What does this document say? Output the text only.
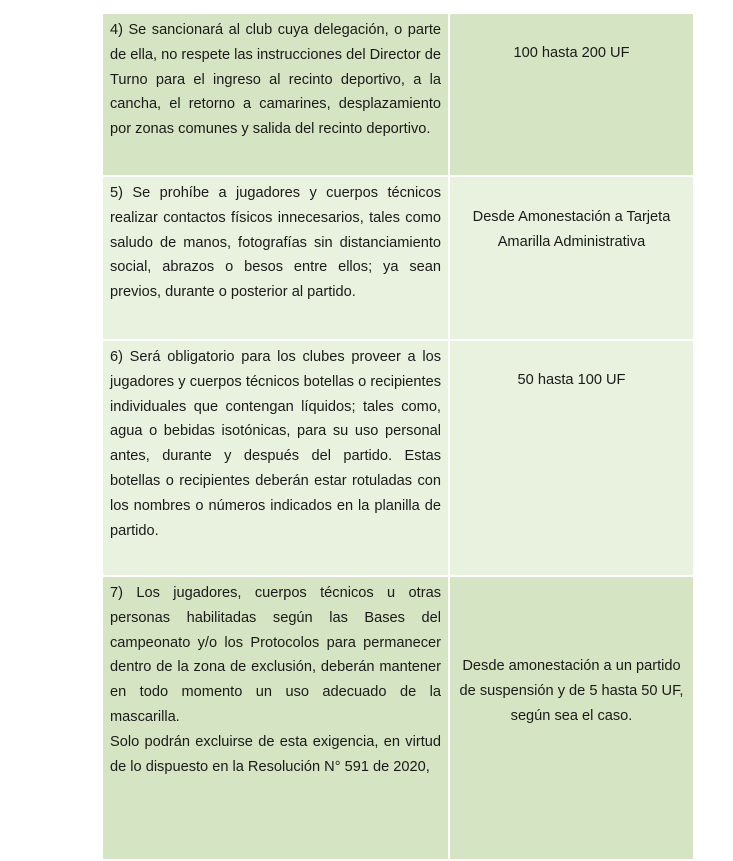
4) Se sancionará al club cuya delegación, o parte de ella, no respete las instrucciones del Director de Turno para el ingreso al recinto deportivo, a la cancha, el retorno a camarines, desplazamiento por zonas comunes y salida del recinto deportivo.	100 hasta 200 UF
5) Se prohíbe a jugadores y cuerpos técnicos realizar contactos físicos innecesarios, tales como saludo de manos, fotografías sin distanciamiento social, abrazos o besos entre ellos; ya sean previos, durante o posterior al partido.	Desde Amonestación a Tarjeta Amarilla Administrativa
6) Será obligatorio para los clubes proveer a los jugadores y cuerpos técnicos botellas o recipientes individuales que contengan líquidos; tales como, agua o bebidas isotónicas, para su uso personal antes, durante y después del partido. Estas botellas o recipientes deberán estar rotuladas con los nombres o números indicados en la planilla de partido.	50 hasta 100 UF

7) Los jugadores, cuerpos técnicos u otras personas habilitadas según las Bases del campeonato y/o los Protocolos para permanecer dentro de la zona de exclusión, deberán mantener en todo momento un uso adecuado de la mascarilla.
Solo podrán excluirse de esta exigencia, en virtud de lo dispuesto en la Resolución N° 591 de 2020,	Desde amonestación a un partido de suspensión y de 5 hasta 50 UF, según sea el caso.
